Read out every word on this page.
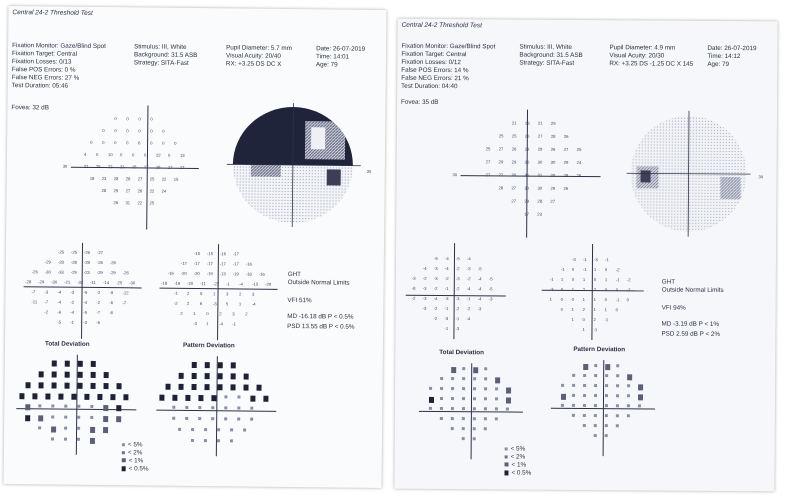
Central 24-2 Threshold Test
Fixation Monitor: Gaze/Blind Spot
Fixation Target: Central
Fixation Losses: 0/13
False POS Errors: 0 %
False NEG Errors: 27 %
Test Duration: 05:46
Fovea: 32 dB
Stimulus: III, White
Background: 31.5 ASB
Strategy: SITA-Fast
Pupil Diameter: 5.7 mm
Visual Acuity: 20/40
RX: +3.25 DS DC X
Date: 26-07-2019
Time: 14:01
Age: 79
30
0 0 0 0
0 0 0 0 0 0
0 0 0 0 6 0 0 0
4 0 10 0 0 0 22 0 13
21 25 22 21 15 17 16 17 17
18 23 28 28 27 25 22 15
28 25 27 26 22 24
26 31 22 25
30
-25 -25 -26 -27
-29 -28 -28 -28 -26 -26
-26 -30 -33 -29 -23 -29 -29 -26
-28 -29 -30 -21 -32 -11 -14 -25 -30
-7 -3 -4 -3 -5 -2 -9 -12
-11 -7 -4 -2 -4 -2 -6 -7
-2 -6 -4 -5 -7 -6
-5 -1 -3 -6
-15 -15 -16 -17
-17 -17 -17 -17 -17 -16
-16 -20 -20 -19 -13 -19 -18 -16
-18 -19 -20 -11 -22 -1 -4 -15 -20
-1 2	5	1	3	2	3
-2 2	6	-3 5	1	-4
2	1	0	2	3	2
-3 1	-4 -1
GHT
Outside Normal Limits
VFI 51%
MD -16.18 dB P < 0.5%
PSD 13.55 dB P < 0.5%
Total Deviation	Pattern Deviation
< 5%
< 2%
< 1%
< 0.5%
Central 24-2 Threshold Test
Fixation Monitor: Gaze/Blind Spot
Fixation Target: Central
Fixation Losses: 0/12
False POS Errors: 14 %
False NEG Errors: 21 %
Test Duration: 04:40
Fovea: 35 dB
Stimulus: III, White
Background: 31.5 ASB
Strategy: SITA-Fast
Pupil Diameter: 4.9 mm
Visual Acuity: 20/30
RX: +3.25 DS -1.25 DC X 145
Date: 26-07-2019
Time: 14:12
Age: 79
30
21 13 21 29
25 25 26 27 28 26
25 27 26 29 29 26 27 25
27 29 29 30 30 30 29 24
27 27 30 31 31 30 29 26
28 27 30 30 29 26
27 29 28 27
17 23
30
-5 -4 -5 -4
-4 -3 -4 -2 -3 -5
-3 -2 -3 -2 -3 -2 -4 -5
-8 -3 -2 -1 -2 -4 -4 -5
-2 -3 -4 -3 -3 -1 -4 -3
-3 -2 -1 -2 -2 -3
-2 -3 -1 -4
-1 -3
-3 -1 -3 -1
-1 0 -1 1 0 -2
-1 1 0 1 0 1 -1 -2
-3 0 1 2 2 0 0 -2
1 0 0 1 1 0 -1 0
0 1 2 1 1 0
1 0 2 -1
1 -1
GHT
Outside Normal Limits
VFI 94%
MD -3.19 dB P < 1%
PSD 2.59 dB P < 2%
Total Deviation	Pattern Deviation
< 5%
< 2%
< 1%
< 0.5%
